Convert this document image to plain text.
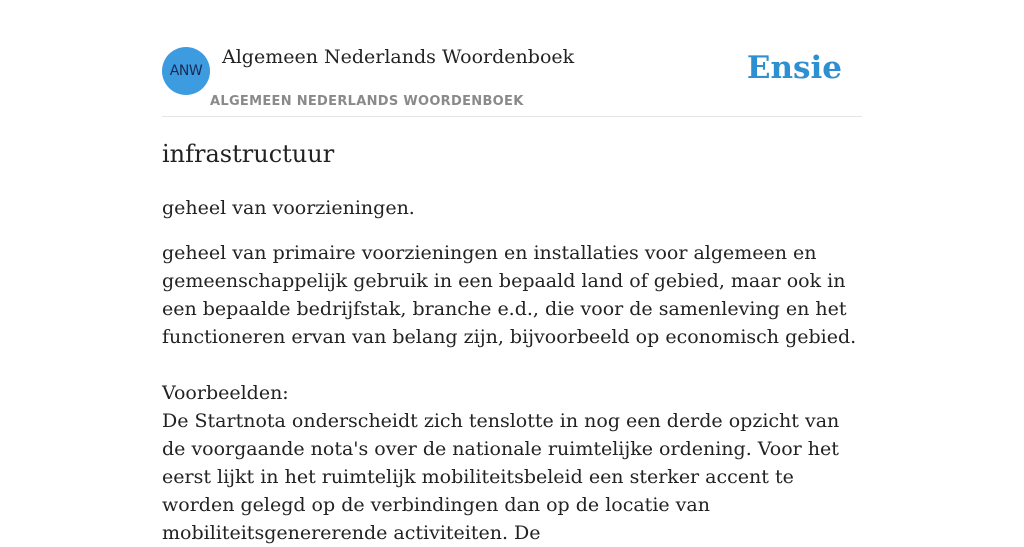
ANW
Algemeen Nederlands Woordenboek
ALGEMEEN NEDERLANDS WOORDENBOEK
Ensie
infrastructuur
geheel van voorzieningen.
geheel van primaire voorzieningen en installaties voor algemeen en gemeenschappelijk gebruik in een bepaald land of gebied, maar ook in een bepaalde bedrijfstak, branche e.d., die voor de samenleving en het functioneren ervan van belang zijn, bijvoorbeeld op economisch gebied.
Voorbeelden:
De Startnota onderscheidt zich tenslotte in nog een derde opzicht van de voorgaande nota's over de nationale ruimtelijke ordening. Voor het eerst lijkt in het ruimtelijk mobiliteitsbeleid een sterker accent te worden gelegd op de verbindingen dan op de locatie van mobiliteitsgenererende activiteiten. De
